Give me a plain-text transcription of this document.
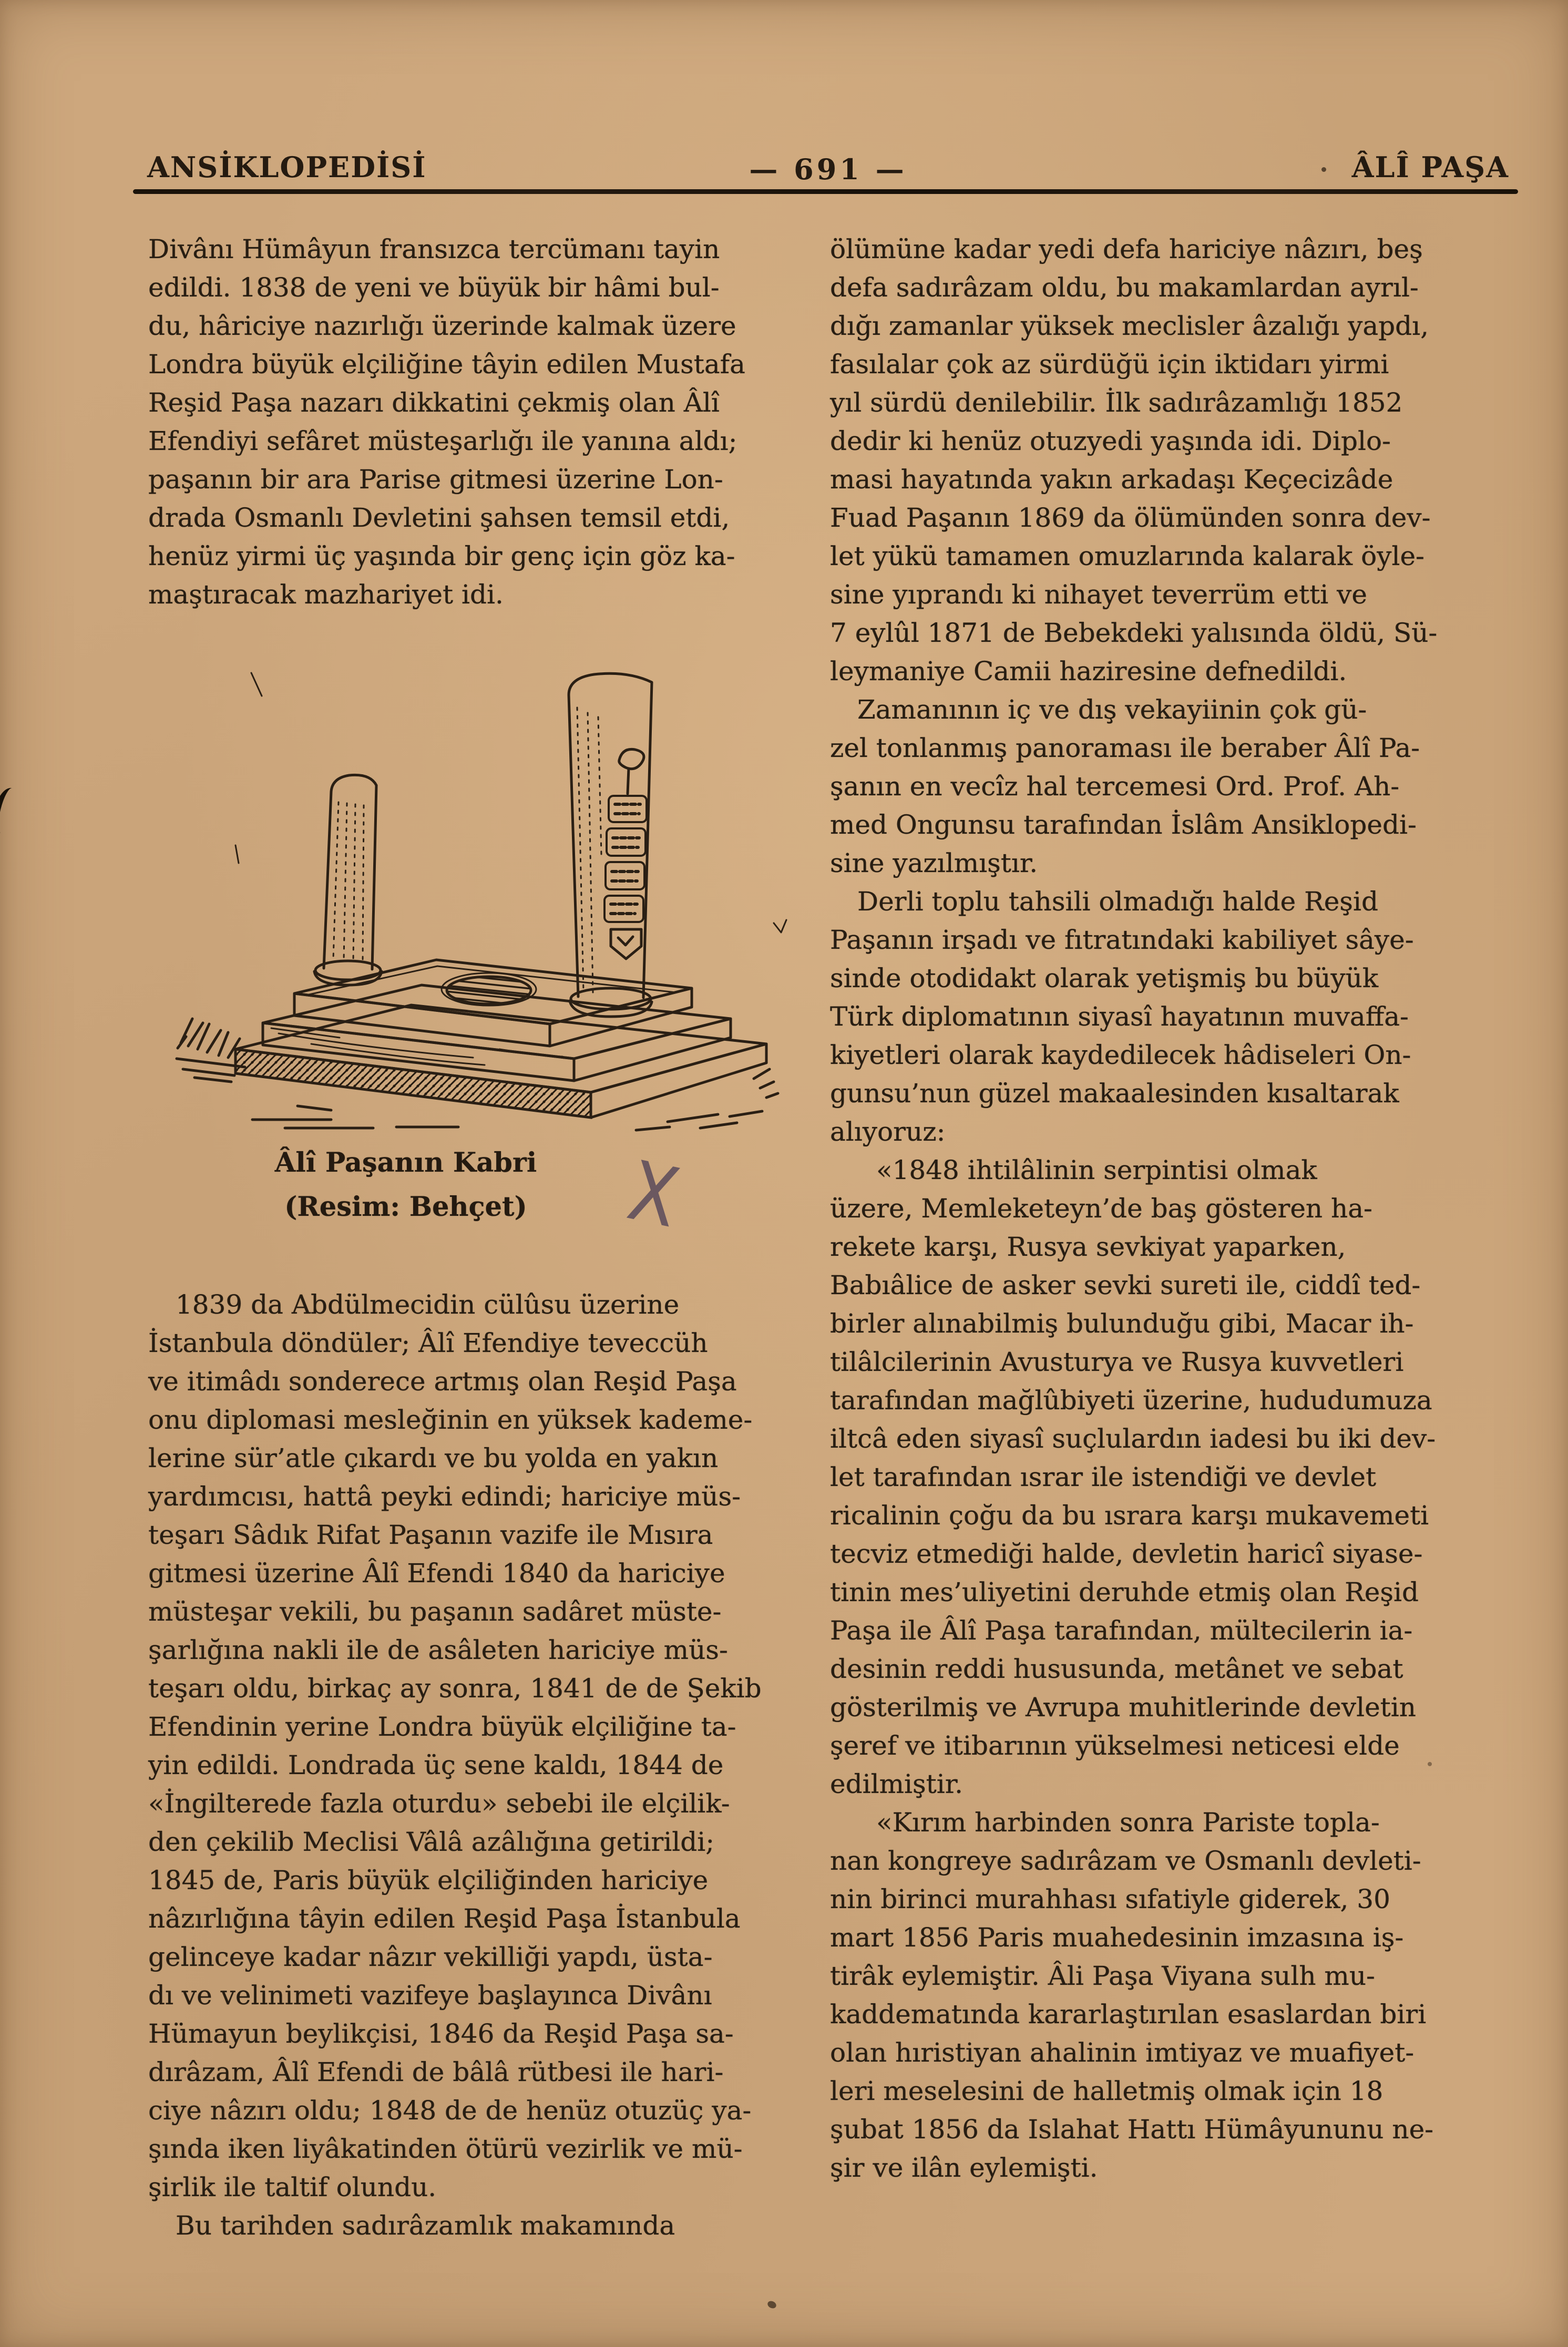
ANSİKLOPEDİSİ	— 691 —	ÂLÎ PAŞA
Divânı Hümâyun fransızca tercümanı tayin
edildi. 1838 de yeni ve büyük bir hâmi bul-
du, hâriciye nazırlığı üzerinde kalmak üzere
Londra büyük elçiliğine tâyin edilen Mustafa
Reşid Paşa nazarı dikkatini çekmiş olan Âlî
Efendiyi sefâret müsteşarlığı ile yanına aldı;
paşanın bir ara Parise gitmesi üzerine Lon-
drada Osmanlı Devletini şahsen temsil etdi,
henüz yirmi üç yaşında bir genç için göz ka-
maştıracak mazhariyet idi.
Âlî Paşanın Kabri
(Resim: Behçet)
1839 da Abdülmecidin cülûsu üzerine
İstanbula döndüler; Âlî Efendiye teveccüh
ve itimâdı sonderece artmış olan Reşid Paşa
onu diplomasi mesleğinin en yüksek kademe-
lerine sür’atle çıkardı ve bu yolda en yakın
yardımcısı, hattâ peyki edindi; hariciye müs-
teşarı Sâdık Rifat Paşanın vazife ile Mısıra
gitmesi üzerine Âlî Efendi 1840 da hariciye
müsteşar vekili, bu paşanın sadâret müste-
şarlığına nakli ile de asâleten hariciye müs-
teşarı oldu, birkaç ay sonra, 1841 de de Şekib
Efendinin yerine Londra büyük elçiliğine ta-
yin edildi. Londrada üç sene kaldı, 1844 de
«İngilterede fazla oturdu» sebebi ile elçilik-
den çekilib Meclisi Vâlâ azâlığına getirildi;
1845 de, Paris büyük elçiliğinden hariciye
nâzırlığına tâyin edilen Reşid Paşa İstanbula
gelinceye kadar nâzır vekilliği yapdı, üsta-
dı ve velinimeti vazifeye başlayınca Divânı
Hümayun beylikçisi, 1846 da Reşid Paşa sa-
dırâzam, Âlî Efendi de bâlâ rütbesi ile hari-
ciye nâzırı oldu; 1848 de de henüz otuzüç ya-
şında iken liyâkatinden ötürü vezirlik ve mü-
şirlik ile taltif olundu.
Bu tarihden sadırâzamlık makamında
ölümüne kadar yedi defa hariciye nâzırı, beş
defa sadırâzam oldu, bu makamlardan ayrıl-
dığı zamanlar yüksek meclisler âzalığı yapdı,
fasılalar çok az sürdüğü için iktidarı yirmi
yıl sürdü denilebilir. İlk sadırâzamlığı 1852
dedir ki henüz otuzyedi yaşında idi. Diplo-
masi hayatında yakın arkadaşı Keçecizâde
Fuad Paşanın 1869 da ölümünden sonra dev-
let yükü tamamen omuzlarında kalarak öyle-
sine yıprandı ki nihayet teverrüm etti ve
7 eylûl 1871 de Bebekdeki yalısında öldü, Sü-
leymaniye Camii haziresine defnedildi.
Zamanının iç ve dış vekayiinin çok gü-
zel tonlanmış panoraması ile beraber Âlî Pa-
şanın en vecîz hal tercemesi Ord. Prof. Ah-
med Ongunsu tarafından İslâm Ansiklopedi-
sine yazılmıştır.
Derli toplu tahsili olmadığı halde Reşid
Paşanın irşadı ve fıtratındaki kabiliyet sâye-
sinde otodidakt olarak yetişmiş bu büyük
Türk diplomatının siyasî hayatının muvaffa-
kiyetleri olarak kaydedilecek hâdiseleri On-
gunsu’nun güzel makaalesinden kısaltarak
alıyoruz:
«1848 ihtilâlinin serpintisi olmak
üzere, Memleketeyn’de baş gösteren ha-
rekete karşı, Rusya sevkiyat yaparken,
Babıâlice de asker sevki sureti ile, ciddî ted-
birler alınabilmiş bulunduğu gibi, Macar ih-
tilâlcilerinin Avusturya ve Rusya kuvvetleri
tarafından mağlûbiyeti üzerine, hududumuza
iltcâ eden siyasî suçlulardın iadesi bu iki dev-
let tarafından ısrar ile istendiği ve devlet
ricalinin çoğu da bu ısrara karşı mukavemeti
tecviz etmediği halde, devletin haricî siyase-
tinin mes’uliyetini deruhde etmiş olan Reşid
Paşa ile Âlî Paşa tarafından, mültecilerin ia-
desinin reddi hususunda, metânet ve sebat
gösterilmiş ve Avrupa muhitlerinde devletin
şeref ve itibarının yükselmesi neticesi elde
edilmiştir.
«Kırım harbinden sonra Pariste topla-
nan kongreye sadırâzam ve Osmanlı devleti-
nin birinci murahhası sıfatiyle giderek, 30
mart 1856 Paris muahedesinin imzasına iş-
tirâk eylemiştir. Âli Paşa Viyana sulh mu-
kaddematında kararlaştırılan esaslardan biri
olan hıristiyan ahalinin imtiyaz ve muafiyet-
leri meselesini de halletmiş olmak için 18
şubat 1856 da Islahat Hattı Hümâyununu ne-
şir ve ilân eylemişti.
X
